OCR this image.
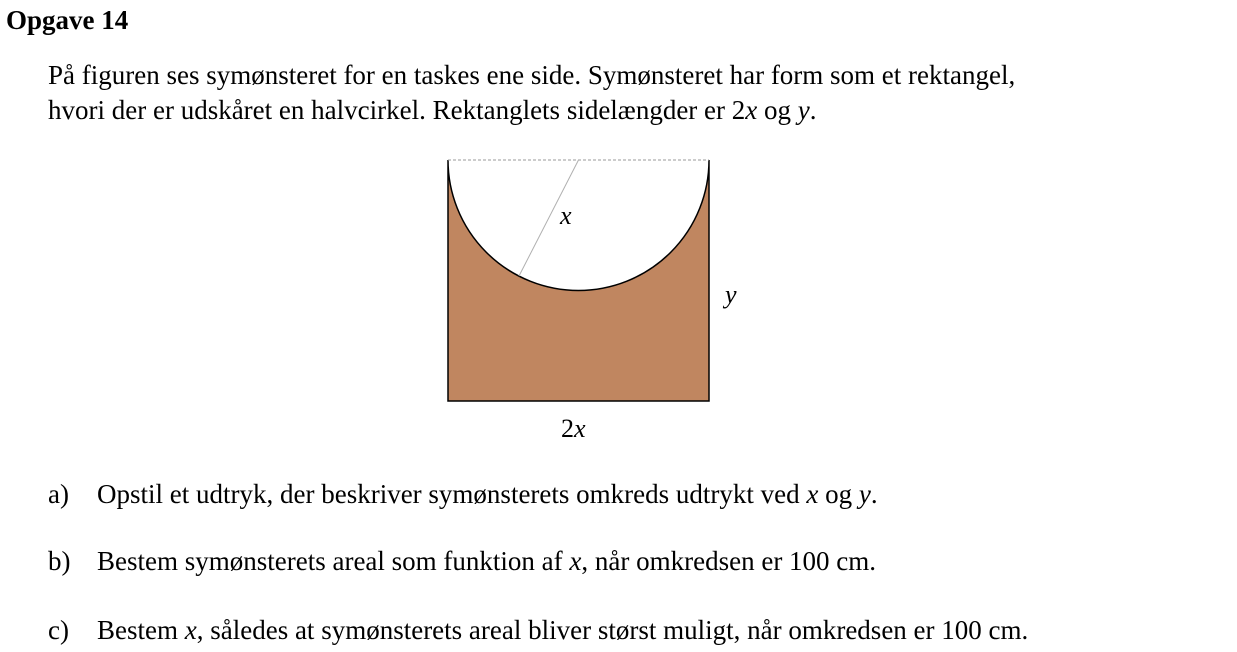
Opgave 14
På figuren ses symønsteret for en taskes ene side. Symønsteret har form som et rektangel,
hvori der er udskåret en halvcirkel. Rektanglets sidelængder er 2x og y.
x
y
2x
a) Opstil et udtryk, der beskriver symønsterets omkreds udtrykt ved x og y.
b) Bestem symønsterets areal som funktion af x, når omkredsen er 100 cm.
c) Bestem x, således at symønsterets areal bliver størst muligt, når omkredsen er 100 cm.
